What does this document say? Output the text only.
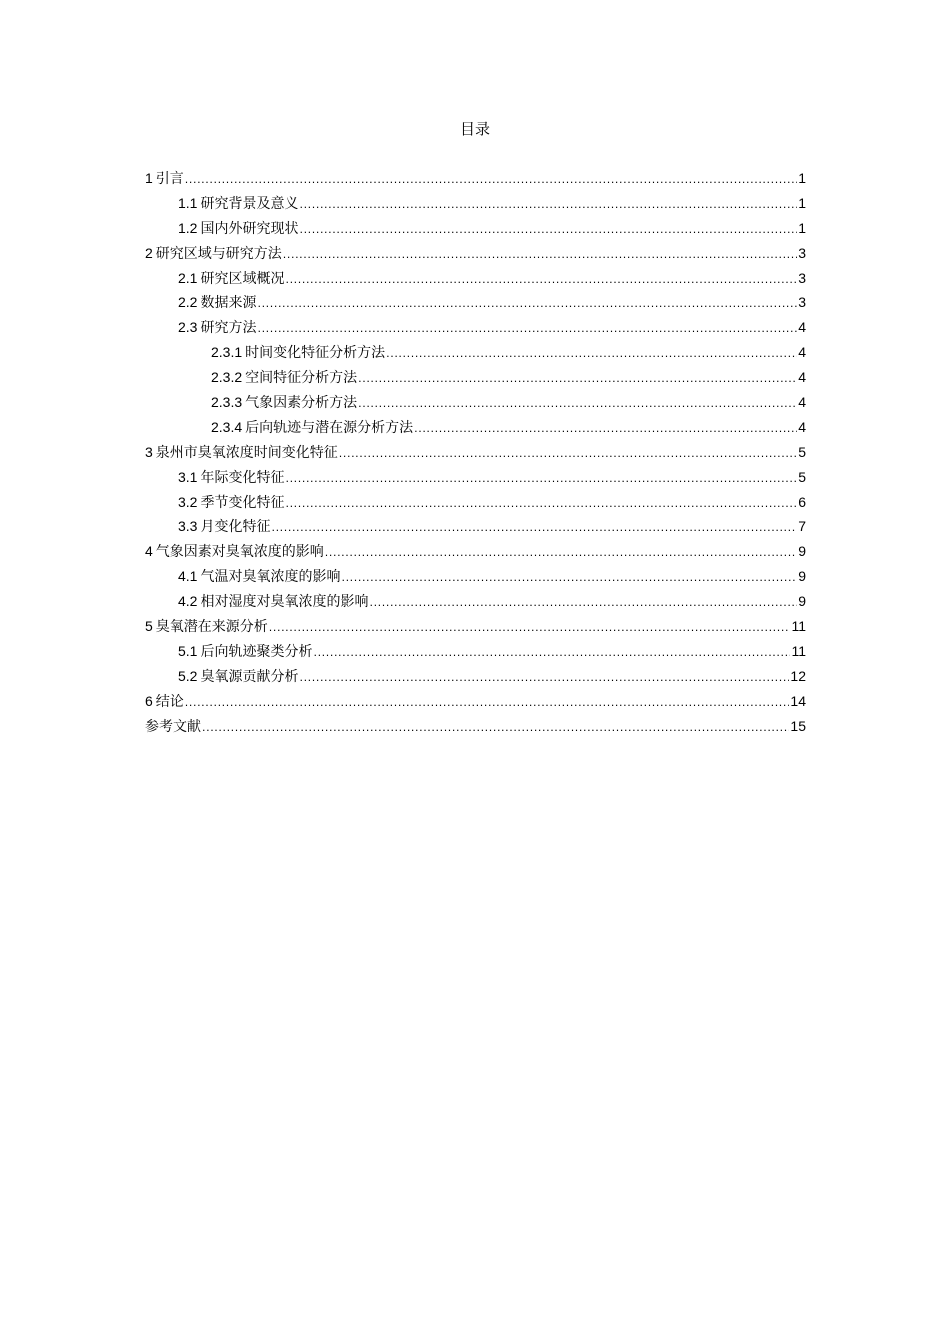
目录
1 引言 .....	1
1.1 研究背景及意义 .....	1
1.2 国内外研究现状 .....	1
2 研究区域与研究方法 .....	3
2.1 研究区域概况 .....	3
2.2 数据来源 .....	3
2.3 研究方法 .....	4
2.3.1 时间变化特征分析方法 .....	4
2.3.2 空间特征分析方法 .....	4
2.3.3 气象因素分析方法 .....	4
2.3.4 后向轨迹与潜在源分析方法 .....	4
3 泉州市臭氧浓度时间变化特征 .....	5
3.1 年际变化特征 .....	5
3.2 季节变化特征 .....	6
3.3 月变化特征 .....	7
4 气象因素对臭氧浓度的影响 .....	9
4.1 气温对臭氧浓度的影响 .....	9
4.2 相对湿度对臭氧浓度的影响 .....	9
5 臭氧潜在来源分析 .....	11
5.1 后向轨迹聚类分析 .....	11
5.2 臭氧源贡献分析 .....	12
6 结论 .....	14
参考文献 .....	15
